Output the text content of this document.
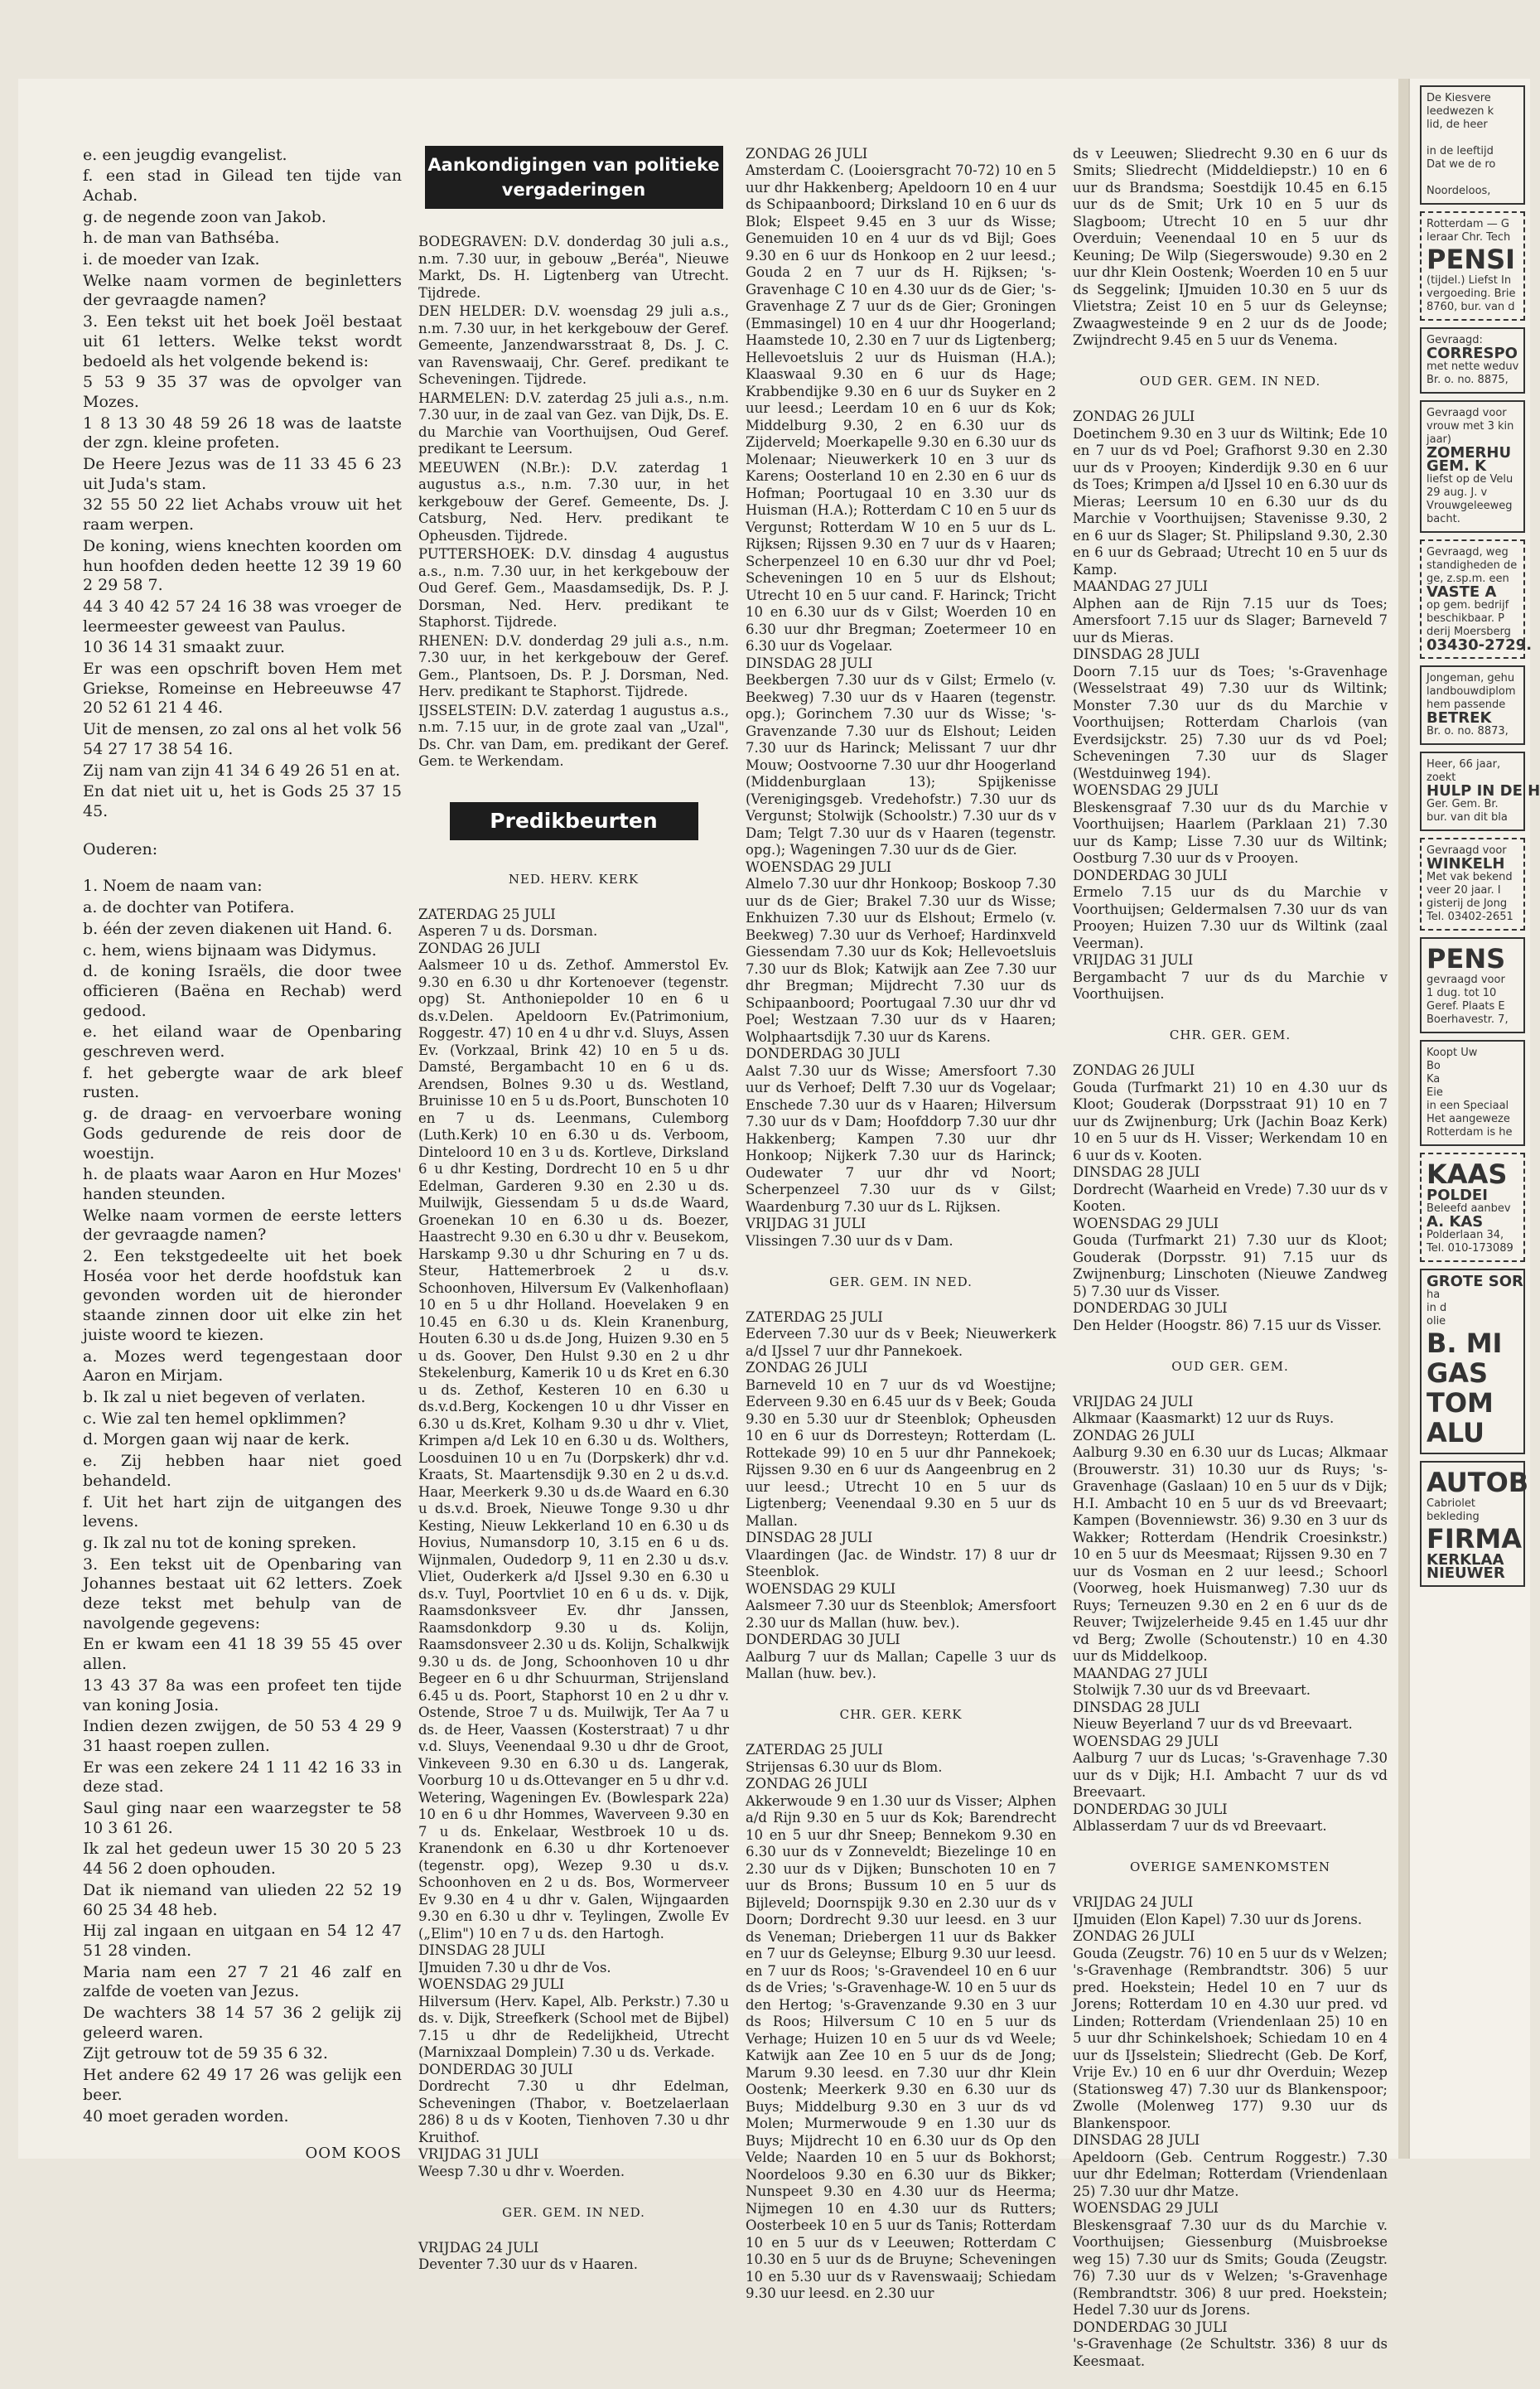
e. een jeugdig evangelist.
f. een stad in Gilead ten tijde van Achab.
g. de negende zoon van Jakob.
h. de man van Bathséba.
i. de moeder van Izak.
Welke naam vormen de beginletters der gevraagde namen?
3. Een tekst uit het boek Joël bestaat uit 61 letters. Welke tekst wordt bedoeld als het volgende bekend is:
5 53 9 35 37 was de opvolger van Mozes.
1 8 13 30 48 59 26 18 was de laatste der zgn. kleine profeten.
De Heere Jezus was de 11 33 45 6 23 uit Juda's stam.
32 55 50 22 liet Achabs vrouw uit het raam werpen.
De koning, wiens knechten koorden om hun hoofden deden heette 12 39 19 60 2 29 58 7.
44 3 40 42 57 24 16 38 was vroeger de leermeester geweest van Paulus.
10 36 14 31 smaakt zuur.
Er was een opschrift boven Hem met Griekse, Romeinse en Hebreeuwse 47 20 52 61 21 4 46.
Uit de mensen, zo zal ons al het volk 56 54 27 17 38 54 16.
Zij nam van zijn 41 34 6 49 26 51 en at.
En dat niet uit u, het is Gods 25 37 15 45.

Ouderen:

1. Noem de naam van:
a. de dochter van Potifera.
b. één der zeven diakenen uit Hand. 6.
c. hem, wiens bijnaam was Didymus.
d. de koning Israëls, die door twee officieren (Baëna en Rechab) werd gedood.
e. het eiland waar de Openbaring geschreven werd.
f. het gebergte waar de ark bleef rusten.
g. de draag- en vervoerbare woning Gods gedurende de reis door de woestijn.
h. de plaats waar Aaron en Hur Mozes' handen steunden.
Welke naam vormen de eerste letters der gevraagde namen?
2. Een tekstgedeelte uit het boek Hoséa voor het derde hoofdstuk kan gevonden worden uit de hieronder staande zinnen door uit elke zin het juiste woord te kiezen.
a. Mozes werd tegengestaan door Aaron en Mirjam.
b. Ik zal u niet begeven of verlaten.
c. Wie zal ten hemel opklimmen?
d. Morgen gaan wij naar de kerk.
e. Zij hebben haar niet goed behandeld.
f. Uit het hart zijn de uitgangen des levens.
g. Ik zal nu tot de koning spreken.
3. Een tekst uit de Openbaring van Johannes bestaat uit 62 letters. Zoek deze tekst met behulp van de navolgende gegevens:
En er kwam een 41 18 39 55 45 over allen.
13 43 37 8a was een profeet ten tijde van koning Josia.
Indien dezen zwijgen, de 50 53 4 29 9 31 haast roepen zullen.
Er was een zekere 24 1 11 42 16 33 in deze stad.
Saul ging naar een waarzegster te 58 10 3 61 26.
Ik zal het gedeun uwer 15 30 20 5 23 44 56 2 doen ophouden.
Dat ik niemand van ulieden 22 52 19 60 25 34 48 heb.
Hij zal ingaan en uitgaan en 54 12 47 51 28 vinden.
Maria nam een 27 7 21 46 zalf en zalfde de voeten van Jezus.
De wachters 38 14 57 36 2 gelijk zij geleerd waren.
Zijt getrouw tot de 59 35 6 32.
Het andere 62 49 17 26 was gelijk een beer.
40 moet geraden worden.

OOM KOOS

Aankondigingen van politieke vergaderingen

BODEGRAVEN: D.V. donderdag 30 juli a.s., n.m. 7.30 uur, in gebouw „Beréa", Nieuwe Markt, Ds. H. Ligtenberg van Utrecht. Tijdrede.
DEN HELDER: D.V. woensdag 29 juli a.s., n.m. 7.30 uur, in het kerkgebouw der Geref. Gemeente, Janzendwarsstraat 8, Ds. J. C. van Ravenswaaij, Chr. Geref. predikant te Scheveningen. Tijdrede.
HARMELEN: D.V. zaterdag 25 juli a.s., n.m. 7.30 uur, in de zaal van Gez. van Dijk, Ds. E. du Marchie van Voorthuijsen, Oud Geref. predikant te Leersum.
MEEUWEN (N.Br.): D.V. zaterdag 1 augustus a.s., n.m. 7.30 uur, in het kerkgebouw der Geref. Gemeente, Ds. J. Catsburg, Ned. Herv. predikant te Opheusden. Tijdrede.
PUTTERSHOEK: D.V. dinsdag 4 augustus a.s., n.m. 7.30 uur, in het kerkgebouw der Oud Geref. Gem., Maasdamsedijk, Ds. P. J. Dorsman, Ned. Herv. predikant te Staphorst. Tijdrede.
RHENEN: D.V. donderdag 29 juli a.s., n.m. 7.30 uur, in het kerkgebouw der Geref. Gem., Plantsoen, Ds. P. J. Dorsman, Ned. Herv. predikant te Staphorst. Tijdrede.
IJSSELSTEIN: D.V. zaterdag 1 augustus a.s., n.m. 7.15 uur, in de grote zaal van „Uzal", Ds. Chr. van Dam, em. predikant der Geref. Gem. te Werkendam.

Predikbeurten

NED. HERV. KERK

ZATERDAG 25 JULI
Asperen 7 u ds. Dorsman.
ZONDAG 26 JULI
Aalsmeer 10 u ds. Zethof. Ammerstol Ev. 9.30 en 6.30 u dhr Kortenoever (tegenstr. opg) St. Anthoniepolder 10 en 6 u ds.v.Delen. Apeldoorn Ev.(Patrimonium, Roggestr. 47) 10 en 4 u dhr v.d. Sluys, Assen Ev. (Vorkzaal, Brink 42) 10 en 5 u ds. Damsté, Bergambacht 10 en 6 u ds. Arendsen, Bolnes 9.30 u ds. Westland, Bruinisse 10 en 5 u ds.Poort, Bunschoten 10 en 7 u ds. Leenmans, Culemborg (Luth.Kerk) 10 en 6.30 u ds. Verboom, Dinteloord 10 en 3 u ds. Kortleve, Dirksland 6 u dhr Kesting, Dordrecht 10 en 5 u dhr Edelman, Garderen 9.30 en 2.30 u ds. Muilwijk, Giessendam 5 u ds.de Waard, Groenekan 10 en 6.30 u ds. Boezer, Haastrecht 9.30 en 6.30 u dhr v. Beusekom, Harskamp 9.30 u dhr Schuring en 7 u ds. Steur, Hattemerbroek 2 u ds.v. Schoonhoven, Hilversum Ev (Valkenhoflaan) 10 en 5 u dhr Holland. Hoevelaken 9 en 10.45 en 6.30 u ds. Klein Kranenburg, Houten 6.30 u ds.de Jong, Huizen 9.30 en 5 u ds. Goover, Den Hulst 9.30 en 2 u dhr Stekelenburg, Kamerik 10 u ds Kret en 6.30 u ds. Zethof, Kesteren 10 en 6.30 u ds.v.d.Berg, Kockengen 10 u dhr Visser en 6.30 u ds.Kret, Kolham 9.30 u dhr v. Vliet, Krimpen a/d Lek 10 en 6.30 u ds. Wolthers, Loosduinen 10 u en 7u (Dorpskerk) dhr v.d. Kraats, St. Maartensdijk 9.30 en 2 u ds.v.d. Haar, Meerkerk 9.30 u ds.de Waard en 6.30 u ds.v.d. Broek, Nieuwe Tonge 9.30 u dhr Kesting, Nieuw Lekkerland 10 en 6.30 u ds Hovius, Numansdorp 10, 3.15 en 6 u ds. Wijnmalen, Oudedorp 9, 11 en 2.30 u ds.v. Vliet, Ouderkerk a/d IJssel 9.30 en 6.30 u ds.v. Tuyl, Poortvliet 10 en 6 u ds. v. Dijk, Raamsdonksveer Ev. dhr Janssen, Raamsdonkdorp 9.30 u ds. Kolijn, Raamsdonsveer 2.30 u ds. Kolijn, Schalkwijk 9.30 u ds. de Jong, Schoonhoven 10 u dhr Begeer en 6 u dhr Schuurman, Strijensland 6.45 u ds. Poort, Staphorst 10 en 2 u dhr v. Ostende, Stroe 7 u ds. Muilwijk, Ter Aa 7 u ds. de Heer, Vaassen (Kosterstraat) 7 u dhr v.d. Sluys, Veenendaal 9.30 u dhr de Groot, Vinkeveen 9.30 en 6.30 u ds. Langerak, Voorburg 10 u ds.Ottevanger en 5 u dhr v.d. Wetering, Wageningen Ev. (Bowlespark 22a) 10 en 6 u dhr Hommes, Waverveen 9.30 en 7 u ds. Enkelaar, Westbroek 10 u ds. Kranendonk en 6.30 u dhr Kortenoever (tegenstr. opg), Wezep 9.30 u ds.v. Schoonhoven en 2 u ds. Bos, Wormerveer Ev 9.30 en 4 u dhr v. Galen, Wijngaarden 9.30 en 6.30 u dhr v. Teylingen, Zwolle Ev („Elim") 10 en 7 u ds. den Hartogh.
DINSDAG 28 JULI
IJmuiden 7.30 u dhr de Vos.
WOENSDAG 29 JULI
Hilversum (Herv. Kapel, Alb. Perkstr.) 7.30 u ds. v. Dijk, Streefkerk (School met de Bijbel) 7.15 u dhr de Redelijkheid, Utrecht (Marnixzaal Domplein) 7.30 u ds. Verkade.
DONDERDAG 30 JULI
Dordrecht 7.30 u dhr Edelman, Scheveningen (Thabor, v. Boetzelaerlaan 286) 8 u ds v Kooten, Tienhoven 7.30 u dhr Kruithof.
VRIJDAG 31 JULI
Weesp 7.30 u dhr v. Woerden.

GER. GEM. IN NED.

VRIJDAG 24 JULI
Deventer 7.30 uur ds v Haaren.

ZONDAG 26 JULI
Amsterdam C. (Looiersgracht 70-72) 10 en 5 uur dhr Hakkenberg; Apeldoorn 10 en 4 uur ds Schipaanboord; Dirksland 10 en 6 uur ds Blok; Elspeet 9.45 en 3 uur ds Wisse; Genemuiden 10 en 4 uur ds vd Bijl; Goes 9.30 en 6 uur ds Honkoop en 2 uur leesd.; Gouda 2 en 7 uur ds H. Rijksen; 's-Gravenhage C 10 en 4.30 uur ds de Gier; 's-Gravenhage Z 7 uur ds de Gier; Groningen (Emmasingel) 10 en 4 uur dhr Hoogerland; Haamstede 10, 2.30 en 7 uur ds Ligtenberg; Hellevoetsluis 2 uur ds Huisman (H.A.); Klaaswaal 9.30 en 6 uur ds Hage; Krabbendijke 9.30 en 6 uur ds Suyker en 2 uur leesd.; Leerdam 10 en 6 uur ds Kok; Middelburg 9.30, 2 en 6.30 uur ds Zijderveld; Moerkapelle 9.30 en 6.30 uur ds Molenaar; Nieuwerkerk 10 en 3 uur ds Karens; Oosterland 10 en 2.30 en 6 uur ds Hofman; Poortugaal 10 en 3.30 uur ds Huisman (H.A.); Rotterdam C 10 en 5 uur ds Vergunst; Rotterdam W 10 en 5 uur ds L. Rijksen; Rijssen 9.30 en 7 uur ds v Haaren; Scherpenzeel 10 en 6.30 uur dhr vd Poel; Scheveningen 10 en 5 uur ds Elshout; Utrecht 10 en 5 uur cand. F. Harinck; Tricht 10 en 6.30 uur ds v Gilst; Woerden 10 en 6.30 uur dhr Bregman; Zoetermeer 10 en 6.30 uur ds Vogelaar.
DINSDAG 28 JULI
Beekbergen 7.30 uur ds v Gilst; Ermelo (v. Beekweg) 7.30 uur ds v Haaren (tegenstr. opg.); Gorinchem 7.30 uur ds Wisse; 's-Gravenzande 7.30 uur ds Elshout; Leiden 7.30 uur ds Harinck; Melissant 7 uur dhr Mouw; Oostvoorne 7.30 uur dhr Hoogerland (Middenburglaan 13); Spijkenisse (Verenigingsgeb. Vredehofstr.) 7.30 uur ds Vergunst; Stolwijk (Schoolstr.) 7.30 uur ds v Dam; Telgt 7.30 uur ds v Haaren (tegenstr. opg.); Wageningen 7.30 uur ds de Gier.
WOENSDAG 29 JULI
Almelo 7.30 uur dhr Honkoop; Boskoop 7.30 uur ds de Gier; Brakel 7.30 uur ds Wisse; Enkhuizen 7.30 uur ds Elshout; Ermelo (v. Beekweg) 7.30 uur ds Verhoef; Hardinxveld Giessendam 7.30 uur ds Kok; Hellevoetsluis 7.30 uur ds Blok; Katwijk aan Zee 7.30 uur dhr Bregman; Mijdrecht 7.30 uur ds Schipaanboord; Poortugaal 7.30 uur dhr vd Poel; Westzaan 7.30 uur ds v Haaren; Wolphaartsdijk 7.30 uur ds Karens.
DONDERDAG 30 JULI
Aalst 7.30 uur ds Wisse; Amersfoort 7.30 uur ds Verhoef; Delft 7.30 uur ds Vogelaar; Enschede 7.30 uur ds v Haaren; Hilversum 7.30 uur ds v Dam; Hoofddorp 7.30 uur dhr Hakkenberg; Kampen 7.30 uur dhr Honkoop; Nijkerk 7.30 uur ds Harinck; Oudewater 7 uur dhr vd Noort; Scherpenzeel 7.30 uur ds v Gilst; Waardenburg 7.30 uur ds L. Rijksen.
VRIJDAG 31 JULI
Vlissingen 7.30 uur ds v Dam.

GER. GEM. IN NED.

ZATERDAG 25 JULI
Ederveen 7.30 uur ds v Beek; Nieuwerkerk a/d IJssel 7 uur dhr Pannekoek.
ZONDAG 26 JULI
Barneveld 10 en 7 uur ds vd Woestijne; Ederveen 9.30 en 6.45 uur ds v Beek; Gouda 9.30 en 5.30 uur dr Steenblok; Opheusden 10 en 6 uur ds Dorresteyn; Rotterdam (L. Rottekade 99) 10 en 5 uur dhr Pannekoek; Rijssen 9.30 en 6 uur ds Aangeenbrug en 2 uur leesd.; Utrecht 10 en 5 uur ds Ligtenberg; Veenendaal 9.30 en 5 uur ds Mallan.
DINSDAG 28 JULI
Vlaardingen (Jac. de Windstr. 17) 8 uur dr Steenblok.
WOENSDAG 29 KULI
Aalsmeer 7.30 uur ds Steenblok; Amersfoort 2.30 uur ds Mallan (huw. bev.).
DONDERDAG 30 JULI
Aalburg 7 uur ds Mallan; Capelle 3 uur ds Mallan (huw. bev.).

CHR. GER. KERK

ZATERDAG 25 JULI
Strijensas 6.30 uur ds Blom.
ZONDAG 26 JULI
Akkerwoude 9 en 1.30 uur ds Visser; Alphen a/d Rijn 9.30 en 5 uur ds Kok; Barendrecht 10 en 5 uur dhr Sneep; Bennekom 9.30 en 6.30 uur ds v Zonneveldt; Biezelinge 10 en 2.30 uur ds v Dijken; Bunschoten 10 en 7 uur ds Brons; Bussum 10 en 5 uur ds Bijleveld; Doornspijk 9.30 en 2.30 uur ds v Doorn; Dordrecht 9.30 uur leesd. en 3 uur ds Veneman; Driebergen 11 uur ds Bakker en 7 uur ds Geleynse; Elburg 9.30 uur leesd. en 7 uur ds Roos; 's-Gravendeel 10 en 6 uur ds de Vries; 's-Gravenhage-W. 10 en 5 uur ds den Hertog; 's-Gravenzande 9.30 en 3 uur ds Roos; Hilversum C 10 en 5 uur ds Verhage; Huizen 10 en 5 uur ds vd Weele; Katwijk aan Zee 10 en 5 uur ds de Jong; Marum 9.30 leesd. en 7.30 uur dhr Klein Oostenk; Meerkerk 9.30 en 6.30 uur ds Buys; Middelburg 9.30 en 3 uur ds vd Molen; Murmerwoude 9 en 1.30 uur ds Buys; Mijdrecht 10 en 6.30 uur ds Op den Velde; Naarden 10 en 5 uur ds Bokhorst; Noordeloos 9.30 en 6.30 uur ds Bikker; Nunspeet 9.30 en 4.30 uur ds Heerma; Nijmegen 10 en 4.30 uur ds Rutters; Oosterbeek 10 en 5 uur ds Tanis; Rotterdam 10 en 5 uur ds v Leeuwen; Rotterdam C 10.30 en 5 uur ds de Bruyne; Scheveningen 10 en 5.30 uur ds v Ravenswaaij; Schiedam 9.30 uur leesd. en 2.30 uur

ds v Leeuwen; Sliedrecht 9.30 en 6 uur ds Smits; Sliedrecht (Middeldiepstr.) 10 en 6 uur ds Brandsma; Soestdijk 10.45 en 6.15 uur ds de Smit; Urk 10 en 5 uur ds Slagboom; Utrecht 10 en 5 uur dhr Overduin; Veenendaal 10 en 5 uur ds Keuning; De Wilp (Siegerswoude) 9.30 en 2 uur dhr Klein Oostenk; Woerden 10 en 5 uur ds Seggelink; IJmuiden 10.30 en 5 uur ds Vlietstra; Zeist 10 en 5 uur ds Geleynse; Zwaagwesteinde 9 en 2 uur ds de Joode; Zwijndrecht 9.45 en 5 uur ds Venema.

OUD GER. GEM. IN NED.

ZONDAG 26 JULI
Doetinchem 9.30 en 3 uur ds Wiltink; Ede 10 en 7 uur ds vd Poel; Grafhorst 9.30 en 2.30 uur ds v Prooyen; Kinderdijk 9.30 en 6 uur ds Toes; Krimpen a/d IJssel 10 en 6.30 uur ds Mieras; Leersum 10 en 6.30 uur ds du Marchie v Voorthuijsen; Stavenisse 9.30, 2 en 6 uur ds Slager; St. Philipsland 9.30, 2.30 en 6 uur ds Gebraad; Utrecht 10 en 5 uur ds Kamp.
MAANDAG 27 JULI
Alphen aan de Rijn 7.15 uur ds Toes; Amersfoort 7.15 uur ds Slager; Barneveld 7 uur ds Mieras.
DINSDAG 28 JULI
Doorn 7.15 uur ds Toes; 's-Gravenhage (Wesselstraat 49) 7.30 uur ds Wiltink; Monster 7.30 uur ds du Marchie v Voorthuijsen; Rotterdam Charlois (van Everdsijckstr. 25) 7.30 uur ds vd Poel; Scheveningen 7.30 uur ds Slager (Westduinweg 194).
WOENSDAG 29 JULI
Bleskensgraaf 7.30 uur ds du Marchie v Voorthuijsen; Haarlem (Parklaan 21) 7.30 uur ds Kamp; Lisse 7.30 uur ds Wiltink; Oostburg 7.30 uur ds v Prooyen.
DONDERDAG 30 JULI
Ermelo 7.15 uur ds du Marchie v Voorthuijsen; Geldermalsen 7.30 uur ds van Prooyen; Huizen 7.30 uur ds Wiltink (zaal Veerman).
VRIJDAG 31 JULI
Bergambacht 7 uur ds du Marchie v Voorthuijsen.

CHR. GER. GEM.

ZONDAG 26 JULI
Gouda (Turfmarkt 21) 10 en 4.30 uur ds Kloot; Gouderak (Dorpsstraat 91) 10 en 7 uur ds Zwijnenburg; Urk (Jachin Boaz Kerk) 10 en 5 uur ds H. Visser; Werkendam 10 en 6 uur ds v. Kooten.
DINSDAG 28 JULI
Dordrecht (Waarheid en Vrede) 7.30 uur ds v Kooten.
WOENSDAG 29 JULI
Gouda (Turfmarkt 21) 7.30 uur ds Kloot; Gouderak (Dorpsstr. 91) 7.15 uur ds Zwijnenburg; Linschoten (Nieuwe Zandweg 5) 7.30 uur ds Visser.
DONDERDAG 30 JULI
Den Helder (Hoogstr. 86) 7.15 uur ds Visser.

OUD GER. GEM.

VRIJDAG 24 JULI
Alkmaar (Kaasmarkt) 12 uur ds Ruys.
ZONDAG 26 JULI
Aalburg 9.30 en 6.30 uur ds Lucas; Alkmaar (Brouwerstr. 31) 10.30 uur ds Ruys; 's-Gravenhage (Gaslaan) 10 en 5 uur ds v Dijk; H.I. Ambacht 10 en 5 uur ds vd Breevaart; Kampen (Bovenniewstr. 36) 9.30 en 3 uur ds Wakker; Rotterdam (Hendrik Croesinkstr.) 10 en 5 uur ds Meesmaat; Rijssen 9.30 en 7 uur ds Vosman en 2 uur leesd.; Schoorl (Voorweg, hoek Huismanweg) 7.30 uur ds Ruys; Terneuzen 9.30 en 2 en 6 uur ds de Reuver; Twijzelerheide 9.45 en 1.45 uur dhr vd Berg; Zwolle (Schoutenstr.) 10 en 4.30 uur ds Middelkoop.
MAANDAG 27 JULI
Stolwijk 7.30 uur ds vd Breevaart.
DINSDAG 28 JULI
Nieuw Beyerland 7 uur ds vd Breevaart.
WOENSDAG 29 JULI
Aalburg 7 uur ds Lucas; 's-Gravenhage 7.30 uur ds v Dijk; H.I. Ambacht 7 uur ds vd Breevaart.
DONDERDAG 30 JULI
Alblasserdam 7 uur ds vd Breevaart.

OVERIGE SAMENKOMSTEN

VRIJDAG 24 JULI
IJmuiden (Elon Kapel) 7.30 uur ds Jorens.
ZONDAG 26 JULI
Gouda (Zeugstr. 76) 10 en 5 uur ds v Welzen; 's-Gravenhage (Rembrandtstr. 306) 5 uur pred. Hoekstein; Hedel 10 en 7 uur ds Jorens; Rotterdam 10 en 4.30 uur pred. vd Linden; Rotterdam (Vriendenlaan 25) 10 en 5 uur dhr Schinkelshoek; Schiedam 10 en 4 uur ds IJsselstein; Sliedrecht (Geb. De Korf, Vrije Ev.) 10 en 6 uur dhr Overduin; Wezep (Stationsweg 47) 7.30 uur ds Blankenspoor; Zwolle (Molenweg 177) 9.30 uur ds Blankenspoor.
DINSDAG 28 JULI
Apeldoorn (Geb. Centrum Roggestr.) 7.30 uur dhr Edelman; Rotterdam (Vriendenlaan 25) 7.30 uur dhr Matze.
WOENSDAG 29 JULI
Bleskensgraaf 7.30 uur ds du Marchie v. Voorthuijsen; Giessenburg (Muisbroekse weg 15) 7.30 uur ds Smits; Gouda (Zeugstr. 76) 7.30 uur ds v Welzen; 's-Gravenhage (Rembrandtstr. 306) 8 uur pred. Hoekstein; Hedel 7.30 uur ds Jorens.
DONDERDAG 30 JULI
's-Gravenhage (2e Schultstr. 336) 8 uur ds Keesmaat.

De Kiesvere
leedwezen k
lid, de heer

in de leeftijd
Dat we de ro

Noordeloos,
Rotterdam — G
leraar Chr. Tech
PENSI
(tijdel.) Liefst In
vergoeding. Brie
8760, bur. van d
Gevraagd:
CORRESPO
met nette weduv
Br. o. no. 8875,
Gevraagd voor
vrouw met 3 kin
jaar)
ZOMERHU
GEM. K
liefst op de Velu
29 aug. J. v
Vrouwgeleeweg
bacht.
Gevraagd, weg
standigheden de
ge, z.sp.m. een
VASTE A
op gem. bedrijf
beschikbaar. P
derij Moersberg
03430-2729.
Jongeman, gehu
landbouwdiplom
hem passende
BETREK
Br. o. no. 8873,
Heer, 66 jaar,
zoekt
HULP IN DE H
Ger. Gem. Br.
bur. van dit bla
Gevraagd voor
WINKELH
Met vak bekend
veer 20 jaar. I
gisterij de Jong
Tel. 03402-2651
PENS
gevraagd voor
1 dug. tot 10
Geref. Plaats E
Boerhavestr. 7,
Koopt Uw
Bo
Ka
Eie
in een Speciaal
Het aangeweze
Rotterdam is he
KAAS
POLDEI
Beleefd aanbev
A. KAS
Polderlaan 34,
Tel. 010-173089
GROTE SOR
ha
in d
olie
B. MI
GAS
TOM
ALU
AUTOB
Cabriolet
bekleding
FIRMA
KERKLAA
NIEUWER
